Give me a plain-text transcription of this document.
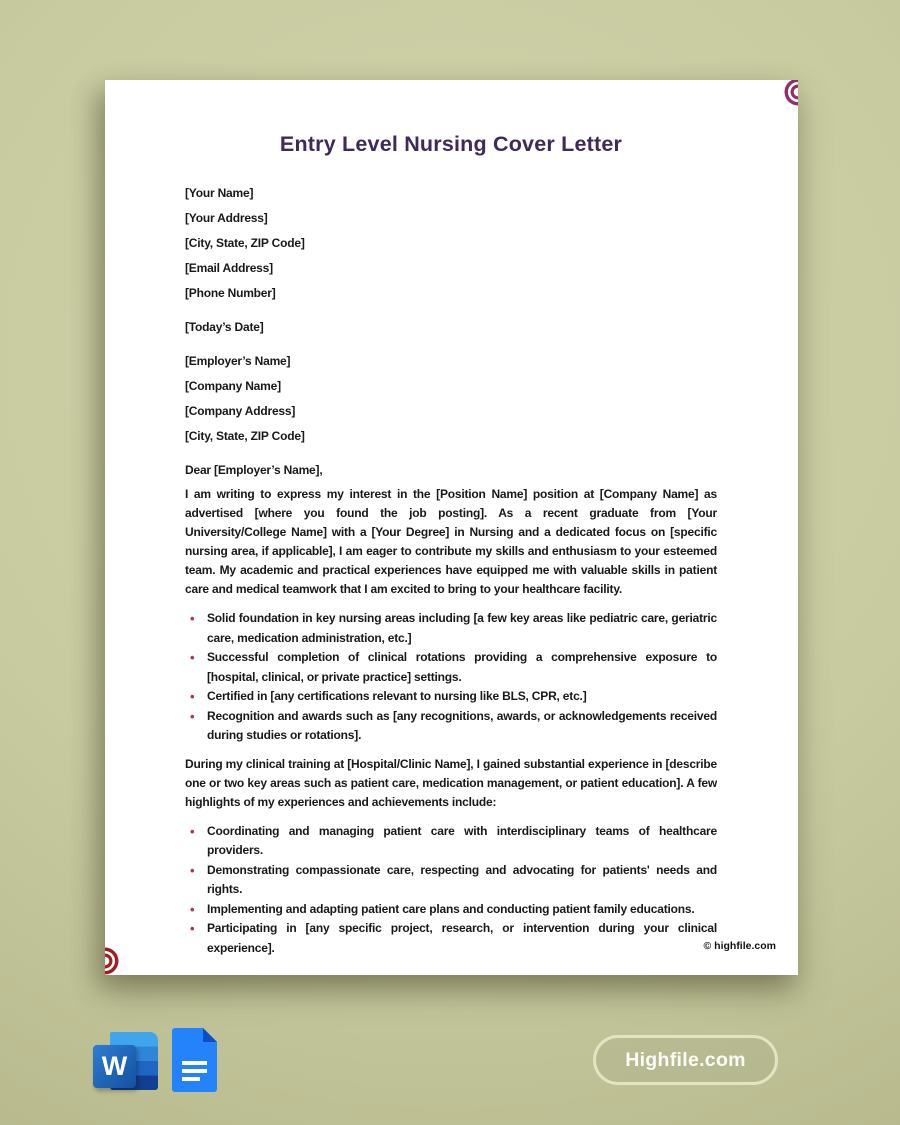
Entry Level Nursing Cover Letter

[Your Name]

[Your Address]

[City, State, ZIP Code]

[Email Address]

[Phone Number]

[Today’s Date]

[Employer’s Name]

[Company Name]

[Company Address]

[City, State, ZIP Code]

Dear [Employer’s Name],

I am writing to express my interest in the [Position Name] position at [Company Name] as advertised [where you found the job posting]. As a recent graduate from [Your University/College Name] with a [Your Degree] in Nursing and a dedicated focus on [specific nursing area, if applicable], I am eager to contribute my skills and enthusiasm to your esteemed team. My academic and practical experiences have equipped me with valuable skills in patient care and medical teamwork that I am excited to bring to your healthcare facility.

• Solid foundation in key nursing areas including [a few key areas like pediatric care, geriatric care, medication administration, etc.]
• Successful completion of clinical rotations providing a comprehensive exposure to [hospital, clinical, or private practice] settings.
• Certified in [any certifications relevant to nursing like BLS, CPR, etc.]
• Recognition and awards such as [any recognitions, awards, or acknowledgements received during studies or rotations].

During my clinical training at [Hospital/Clinic Name], I gained substantial experience in [describe one or two key areas such as patient care, medication management, or patient education]. A few highlights of my experiences and achievements include:

• Coordinating and managing patient care with interdisciplinary teams of healthcare providers.
• Demonstrating compassionate care, respecting and advocating for patients' needs and rights.
• Implementing and adapting patient care plans and conducting patient family educations.
• Participating in [any specific project, research, or intervention during your clinical experience].	© highfile.com
W	Highfile.com
